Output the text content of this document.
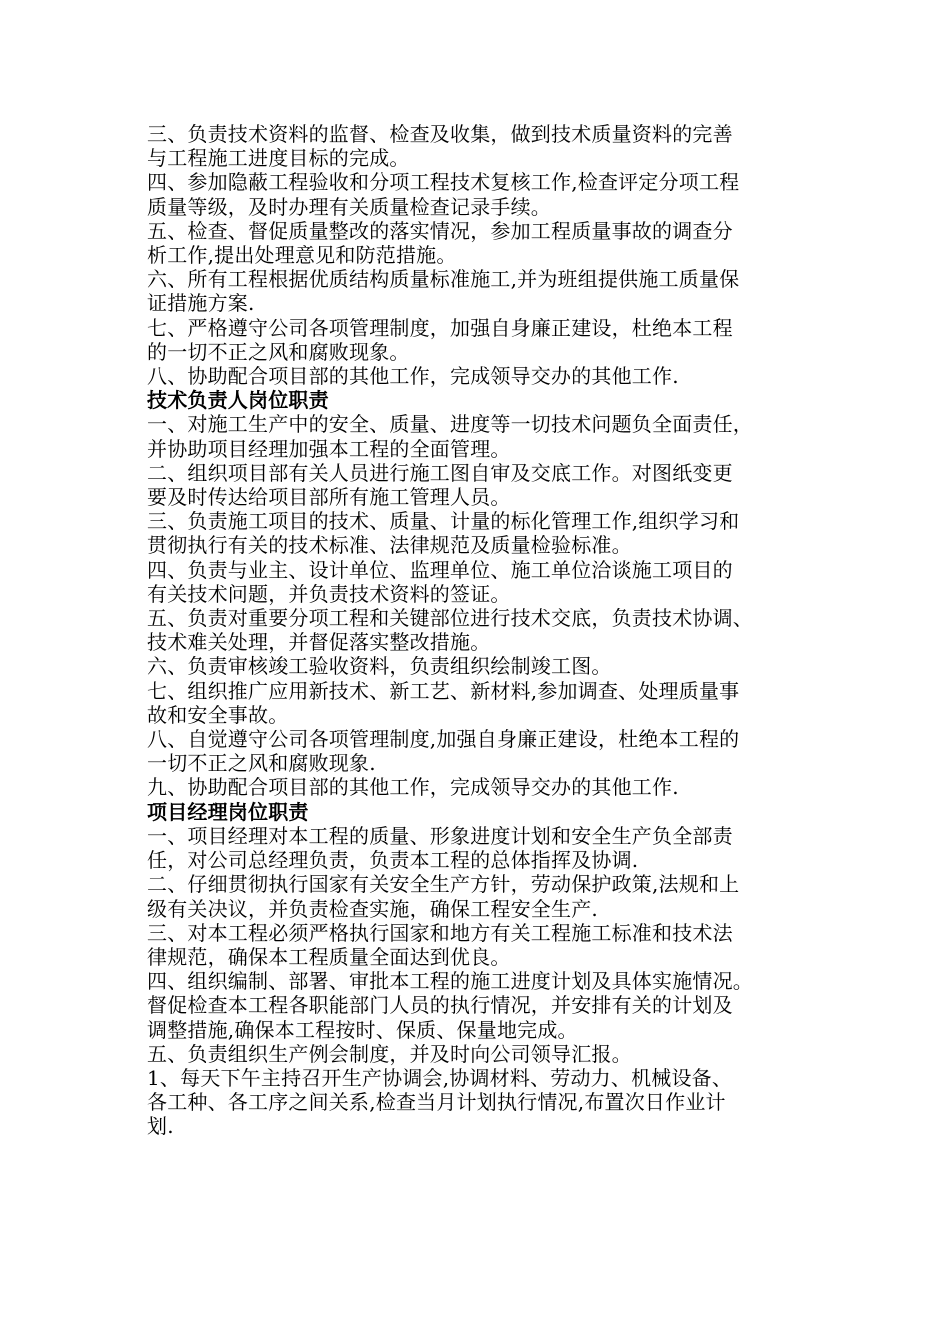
三、负责技术资料的监督、检查及收集，做到技术质量资料的完善
与工程施工进度目标的完成。
四、参加隐蔽工程验收和分项工程技术复核工作,检查评定分项工程
质量等级，及时办理有关质量检查记录手续。
五、检查、督促质量整改的落实情况，参加工程质量事故的调查分
析工作,提出处理意见和防范措施。
六、所有工程根据优质结构质量标准施工,并为班组提供施工质量保
证措施方案.
七、严格遵守公司各项管理制度，加强自身廉正建设，杜绝本工程
的一切不正之风和腐败现象。
八、协助配合项目部的其他工作，完成领导交办的其他工作.
技术负责人岗位职责
一、对施工生产中的安全、质量、进度等一切技术问题负全面责任，
并协助项目经理加强本工程的全面管理。
二、组织项目部有关人员进行施工图自审及交底工作。对图纸变更
要及时传达给项目部所有施工管理人员。
三、负责施工项目的技术、质量、计量的标化管理工作,组织学习和
贯彻执行有关的技术标准、法律规范及质量检验标准。
四、负责与业主、设计单位、监理单位、施工单位洽谈施工项目的
有关技术问题，并负责技术资料的签证。
五、负责对重要分项工程和关键部位进行技术交底，负责技术协调、
技术难关处理，并督促落实整改措施。
六、负责审核竣工验收资料，负责组织绘制竣工图。
七、组织推广应用新技术、新工艺、新材料,参加调查、处理质量事
故和安全事故。
八、自觉遵守公司各项管理制度,加强自身廉正建设，杜绝本工程的
一切不正之风和腐败现象.
九、协助配合项目部的其他工作，完成领导交办的其他工作.
项目经理岗位职责
一、项目经理对本工程的质量、形象进度计划和安全生产负全部责
任，对公司总经理负责，负责本工程的总体指挥及协调.
二、仔细贯彻执行国家有关安全生产方针，劳动保护政策,法规和上
级有关决议，并负责检查实施，确保工程安全生产.
三、对本工程必须严格执行国家和地方有关工程施工标准和技术法
律规范，确保本工程质量全面达到优良。
四、组织编制、部署、审批本工程的施工进度计划及具体实施情况。
督促检查本工程各职能部门人员的执行情况，并安排有关的计划及
调整措施,确保本工程按时、保质、保量地完成。
五、负责组织生产例会制度，并及时向公司领导汇报。
1、每天下午主持召开生产协调会,协调材料、劳动力、机械设备、
各工种、各工序之间关系,检查当月计划执行情况,布置次日作业计
划.
